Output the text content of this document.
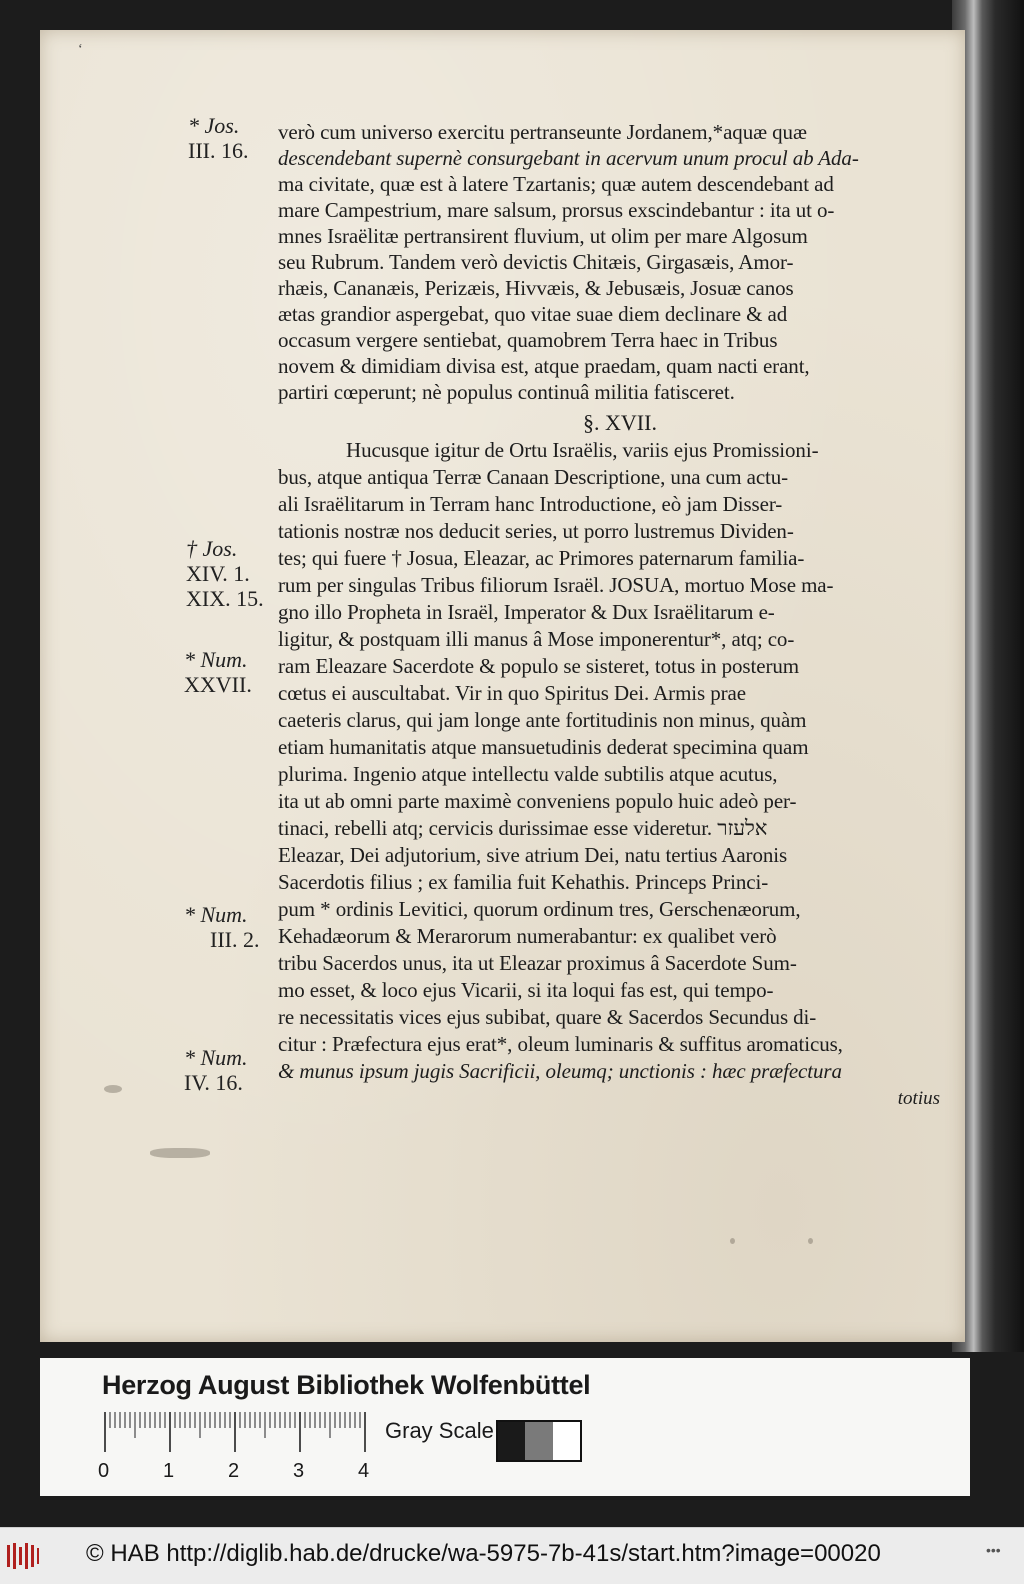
‘
* Jos.
III. 16.
† Jos.
XIV. 1.
XIX. 15.
* Num.
XXVII.
* Num.
III. 2.
* Num.
IV. 16.
verò cum universo exercitu pertranseunte Jordanem,*aquæ quæ
descendebant supernè consurgebant in acervum unum procul ab Ada-
ma civitate, quæ est à latere Tzartanis; quæ autem descendebant ad
mare Campestrium, mare salsum, prorsus exscindebantur : ita ut o-
mnes Israëlitæ pertransirent fluvium, ut olim per mare Algosum
seu Rubrum. Tandem verò devictis Chitæis, Girgasæis, Amor-
rhæis, Cananæis, Perizæis, Hivvæis, & Jebusæis, Josuæ canos
ætas grandior aspergebat, quo vitae suae diem declinare & ad
occasum vergere sentiebat, quamobrem Terra haec in Tribus
novem & dimidiam divisa est, atque praedam, quam nacti erant,
partiri cœperunt; nè populus continuâ militia fatisceret.
§. XVII.
Hucusque igitur de Ortu Israëlis, variis ejus Promissioni-
bus, atque antiqua Terræ Canaan Descriptione, una cum actu-
ali Israëlitarum in Terram hanc Introductione, eò jam Disser-
tationis nostræ nos deducit series, ut porro lustremus Dividen-
tes; qui fuere † Josua, Eleazar, ac Primores paternarum familia-
rum per singulas Tribus filiorum Israël. JOSUA, mortuo Mose ma-
gno illo Propheta in Israël, Imperator & Dux Israëlitarum e-
ligitur, & postquam illi manus â Mose imponerentur*, atq; co-
ram Eleazare Sacerdote & populo se sisteret, totus in posterum
cœtus ei auscultabat. Vir in quo Spiritus Dei. Armis prae
caeteris clarus, qui jam longe ante fortitudinis non minus, quàm
etiam humanitatis atque mansuetudinis dederat specimina quam
plurima. Ingenio atque intellectu valde subtilis atque acutus,
ita ut ab omni parte maximè conveniens populo huic adeò per-
tinaci, rebelli atq; cervicis durissimae esse videretur. אלעזר
Eleazar, Dei adjutorium, sive atrium Dei, natu tertius Aaronis
Sacerdotis filius ; ex familia fuit Kehathis. Princeps Princi-
pum * ordinis Levitici, quorum ordinum tres, Gerschenæorum,
Kehadæorum & Merarorum numerabantur: ex qualibet verò
tribu Sacerdos unus, ita ut Eleazar proximus â Sacerdote Sum-
mo esset, & loco ejus Vicarii, si ita loqui fas est, qui tempo-
re necessitatis vices ejus subibat, quare & Sacerdos Secundus di-
citur : Præfectura ejus erat*, oleum luminaris & suffitus aromaticus,
& munus ipsum jugis Sacrificii, oleumq; unctionis : hæc præfectura
totius
Herzog August Bibliothek Wolfenbüttel
0	1	2	3	4
Gray Scale
© HAB http://diglib.hab.de/drucke/wa-5975-7b-41s/start.htm?image=00020	•••
